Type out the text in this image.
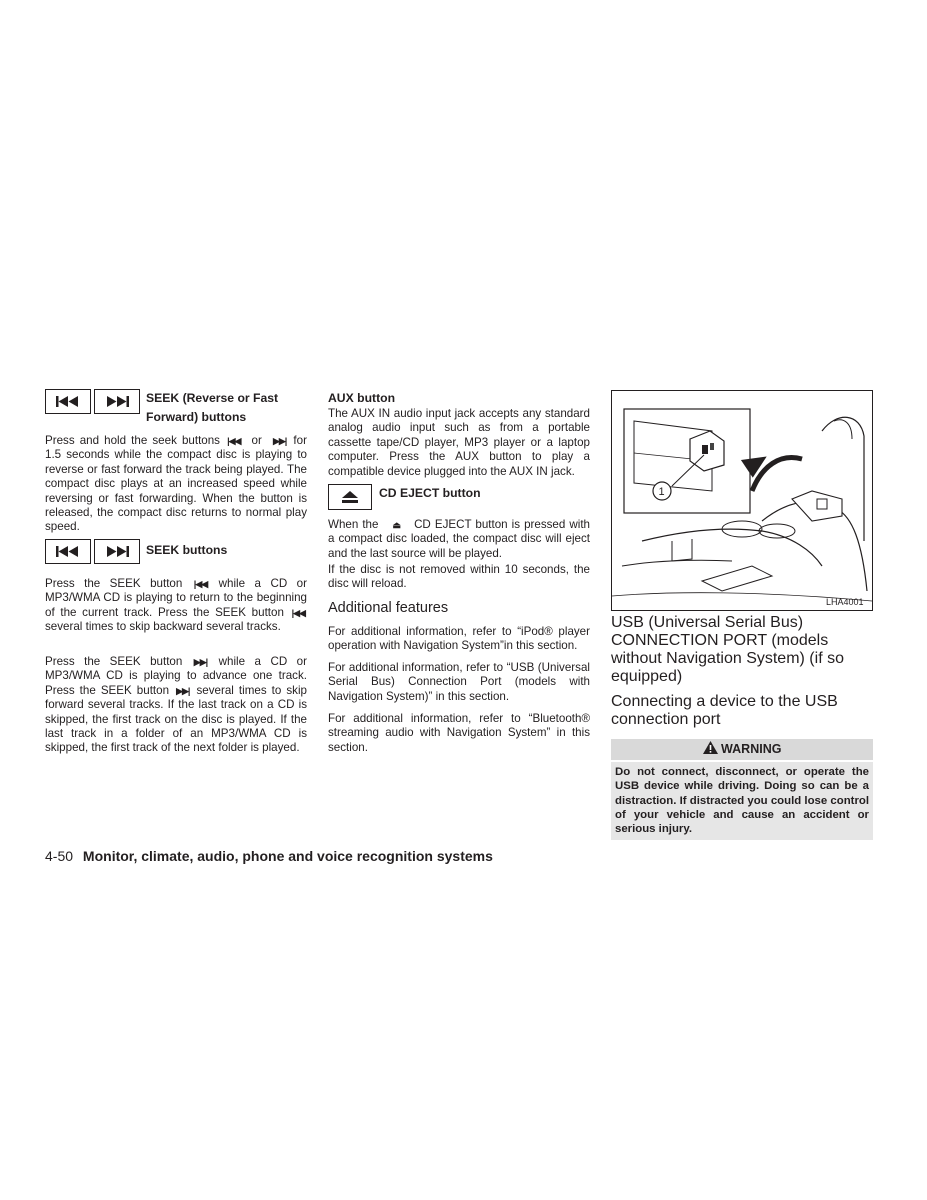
SEEK (Reverse or Fast
Forward) buttons

Press and hold the seek buttons |◀◀ or ▶▶| for 1.5 seconds while the compact disc is playing to reverse or fast forward the track being played. The compact disc plays at an increased speed while reversing or fast forwarding. When the button is released, the compact disc returns to normal play speed.

SEEK buttons

Press the SEEK button |◀◀ while a CD or MP3/WMA CD is playing to return to the beginning of the current track. Press the SEEK button |◀◀ several times to skip backward several tracks.

Press the SEEK button ▶▶| while a CD or MP3/WMA CD is playing to advance one track. Press the SEEK button ▶▶| several times to skip forward several tracks. If the last track on a CD is skipped, the first track on the disc is played. If the last track in a folder of an MP3/WMA CD is skipped, the first track of the next folder is played.

AUX button

The AUX IN audio input jack accepts any standard analog audio input such as from a portable cassette tape/CD player, MP3 player or a laptop computer. Press the AUX button to play a compatible device plugged into the AUX IN jack.

CD EJECT button

When the ⏏ CD EJECT button is pressed with a compact disc loaded, the compact disc will eject and the last source will be played.

If the disc is not removed within 10 seconds, the disc will reload.

Additional features

For additional information, refer to “iPod® player operation with Navigation System”in this section.

For additional information, refer to “USB (Universal Serial Bus) Connection Port (models with Navigation System)” in this section.

For additional information, refer to “Bluetooth® streaming audio with Navigation System” in this section.

1
LHA4001
USB (Universal Serial Bus) CONNECTION PORT (models without Navigation System) (if so equipped)
Connecting a device to the USB connection port
WARNING

Do not connect, disconnect, or operate the USB device while driving. Doing so can be a distraction. If distracted you could lose control of your vehicle and cause an accident or serious injury.

4-50 Monitor, climate, audio, phone and voice recognition systems
